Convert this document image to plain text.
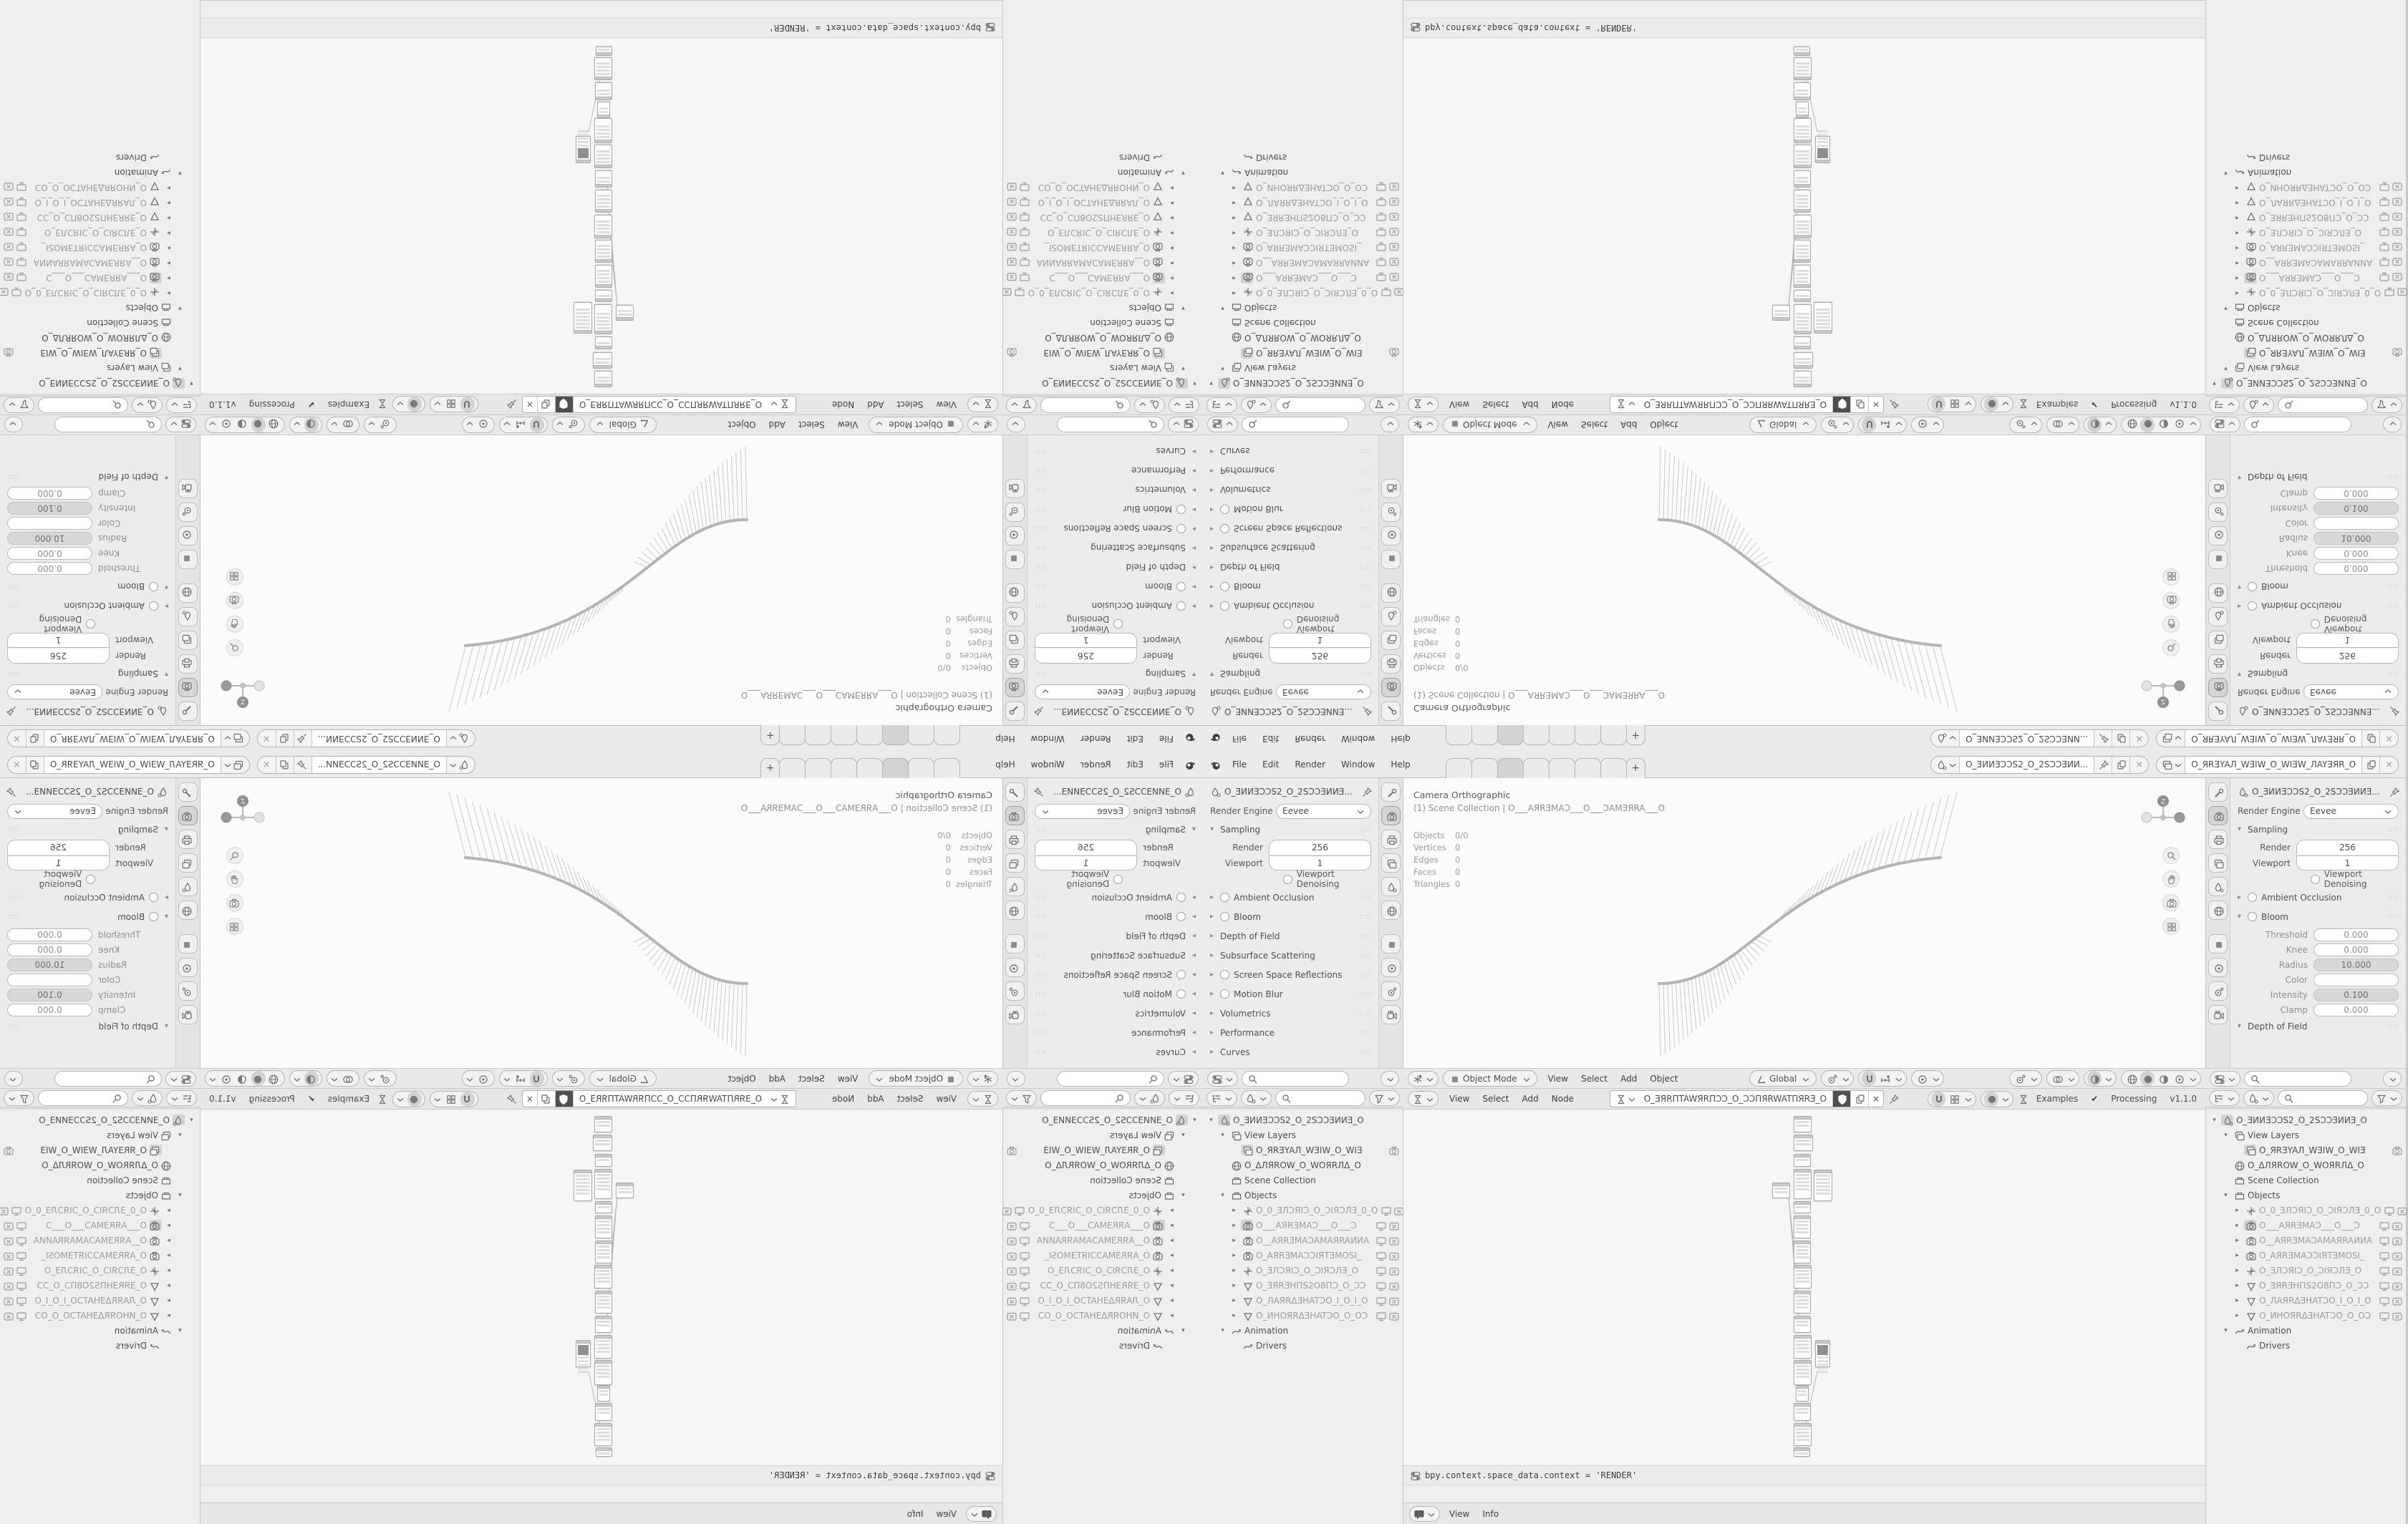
File
Edit
Render
Window
Help
+
O_ƎИИƎƆƆS2_O_2SƆƆƎИИ...
×
O_ЯRƎYAЛ_WƎIW_O_WIƎW_ЛAYƎЯR_O
×
O_ƎИИƎƆƆS2_O_2SƆƆƎИИƎ...
Render Engine
Eevee
▾
Sampling
::::
Render
256
Viewport
1
Viewport Denoising
▸
Ambient Occlusion
::::
▸
Bloom
::::
▸
Depth of Field
::::
▸
Subsurface Scattering
::::
▸
Screen Space Reflections
::::
▸
Motion Blur
::::
▸
Volumetrics
::::
▸
Performance
::::
▸
Curves
::::
Camera Orthographic
(1) Scene Collection | O___AЯRƎMAƆ___O___ƆAMƎЯRA___O
Objects
0/0
Vertices
0
Edges
0
Faces
0
Triangles
0
Z
O_ƎИИƎƆƆS2_O_2SƆƆƎИИƎ...
Render Engine
Eevee
▾
Sampling
::::
Render
256
Viewport
1
Viewport Denoising
▸
Ambient Occlusion
::::
▾
Bloom
::::
Threshold
0.000
Knee
0.000
Radius
10.000
Color
Intensity
0.100
Clamp
0.000
▾
Depth of Field
::::
Object Mode
View
Select
Add
Object
Global
View
Select
Add
Node
O_ƎЯRПTAWЯRПƆƆ_O_ƆƆПЯRWATПЯRƎ_O
×
Examples
✔
Processing
v1.1.0
▾
O_ƎИИƎƆƆS2_O_2SƆƆƎИИƎ_O
▾
View Layers
O_ЯRƎYAЛ_WƎIW_O_WIƎ
O_ΔЛЯROW_O_WOЯRЛΔ_O
Scene Collection
▾
Objects
▸
O_0_ƎЛƆЯIƆ_O_ƆIЯƆЛƎ_0_O
▸
O___AЯRƎMAƆ___O___Ɔ
▸
O__AЯRƎMAƆAMAЯRAИИA
▸
O_AЯRƎMAƆƆIЯTƎMOSI_
▸
O_ƎЛƆЯIƆ_O_ƆIЯƆЛƎ_O
▸
O_ƎЯRƎHПS2O8ПƆ_O_ƆƆ
▸
O_ЛAЯRΔƎHATƆO_I_O_I_O
▸
O_ИHOЯRΔƎHATƆO_O_OƆ
▾
Animation
Drivers
bpy.context.space_data.context = 'RENDER'
▾
O_ƎИИƎƆƆS2_O_2SƆƆƎИИƎ_O
▾
View Layers
O_ЯRƎYAЛ_WƎIW_O_WIƎ
O_ΔЛЯROW_O_WOЯRЛΔ_O
Scene Collection
▾
Objects
▸
O_0_ƎЛƆЯIƆ_O_ƆIЯƆЛƎ_0_O
▸
O___AЯRƎMAƆ___O___Ɔ
▸
O__AЯRƎMAƆAMAЯRAИИA
▸
O_AЯRƎMAƆƆIЯTƎMOSI_
▸
O_ƎЛƆЯIƆ_O_ƆIЯƆЛƎ_O
▸
O_ƎЯRƎHПS2O8ПƆ_O_ƆƆ
▸
O_ЛAЯRΔƎHATƆO_I_O_I_O
▸
O_ИHOЯRΔƎHATƆO_O_OƆ
▾
Animation
Drivers
File	Edit	Render	Window	Help	+	O_ƎИИƎƆƆS2_O_2SƆƆƎИИ...	×	O_ЯRƎYAЛ_WƎIW_O_WIƎW_ЛAYƎЯR_O	×
O_ƎИИƎƆƆS2_O_2SƆƆƎИИƎ...
Render Engine	Eevee
▾ Sampling	::::
Render	256
Viewport	1
Viewport Denoising
▸	Ambient Occlusion	::::
▸	Bloom	::::
▸ Depth of Field	::::
▸ Subsurface Scattering	::::
▸	Screen Space Reflections	::::
▸	Motion Blur	::::
▸ Volumetrics	::::
▸ Performance	::::
▸ Curves	::::
Camera Orthographic
(1) Scene Collection | O___AЯRƎMAƆ___O___ƆAMƎЯRA___O
Objects	0/0
Vertices	0
Edges	0
Faces	0
Triangles 0
Z
O_ƎИИƎƆƆS2_O_2SƆƆƎИИƎ...
Render Engine	Eevee
▾ Sampling	::::
Render	256
Viewport	1
Viewport Denoising
▸	Ambient Occlusion	::::
▾	Bloom	::::
Threshold	0.000
Knee	0.000
Radius	10.000
Color
Intensity	0.100
Clamp	0.000
▾ Depth of Field	::::
Object Mode	View	Select	Add	Object	Global
View	Select	Add	Node	O_ƎЯRПTAWЯRПƆƆ_O_ƆƆПЯRWATПЯRƎ_O	×	Examples	✔	Processing	v1.1.0
▾ O_ƎИИƎƆƆS2_O_2SƆƆƎИИƎ_O
▾ View Layers
O_ЯRƎYAЛ_WƎIW_O_WIƎ
O_ΔЛЯROW_O_WOЯRЛΔ_O
Scene Collection
▾ Objects
▸ O_0_ƎЛƆЯIƆ_O_ƆIЯƆЛƎ_0_O
▸ O___AЯRƎMAƆ___O___Ɔ
▸ O__AЯRƎMAƆAMAЯRAИИA
▸ O_AЯRƎMAƆƆIЯTƎMOSI_
▸ O_ƎЛƆЯIƆ_O_ƆIЯƆЛƎ_O
▸ O_ƎЯRƎHПS2O8ПƆ_O_ƆƆ
▸ O_ЛAЯRΔƎHATƆO_I_O_I_O
▸ O_ИHOЯRΔƎHATƆO_O_OƆ
▾ Animation
Drivers
bpy.context.space_data.context = 'RENDER'
▾ O_ƎИИƎƆƆS2_O_2SƆƆƎИИƎ_O
▾ View Layers
O_ЯRƎYAЛ_WƎIW_O_WIƎ
O_ΔЛЯROW_O_WOЯRЛΔ_O
Scene Collection
▾ Objects
▸ O_0_ƎЛƆЯIƆ_O_ƆIЯƆЛƎ_0_O
▸ O___AЯRƎMAƆ___O___Ɔ
▸ O__AЯRƎMAƆAMAЯRAИИA
▸ O_AЯRƎMAƆƆIЯTƎMOSI_
▸ O_ƎЛƆЯIƆ_O_ƆIЯƆЛƎ_O
▸ O_ƎЯRƎHПS2O8ПƆ_O_ƆƆ
▸ O_ЛAЯRΔƎHATƆO_I_O_I_O
▸ O_ИHOЯRΔƎHATƆO_O_OƆ
▾ Animation
Drivers
File
Edit
Render
Window
Help
+
O_ƎИИƎƆƆS2_O_2SƆƆƎИИ...
×
O_ЯRƎYAЛ_WƎIW_O_WIƎW_ЛAYƎЯR_O
×
O_ƎИИƎƆƆS2_O_2SƆƆƎИИƎ...
Render Engine
Eevee
▾
Sampling
::::
Render
256
Viewport
1
Viewport Denoising
▸
Ambient Occlusion
::::
▸
Bloom
::::
▸
Depth of Field
::::
▸
Subsurface Scattering
::::
▸
Screen Space Reflections
::::
▸
Motion Blur
::::
▸
Volumetrics
::::
▸
Performance
::::
▸
Curves
::::
Camera Orthographic
(1) Scene Collection | O___AЯRƎMAƆ___O___ƆAMƎЯRA___O
Objects
0/0
Vertices
0
Edges
0
Faces
0
Triangles
0
Z
O_ƎИИƎƆƆS2_O_2SƆƆƎИИƎ...
Render Engine
Eevee
▾
Sampling
::::
Render
256
Viewport
1
Viewport Denoising
▸
Ambient Occlusion
::::
▾
Bloom
::::
Threshold
0.000
Knee
0.000
Radius
10.000
Color
Intensity
0.100
Clamp
0.000
▾
Depth of Field
::::
Object Mode
View
Select
Add
Object
Global
View
Select
Add
Node
O_ƎЯRПTAWЯRПƆƆ_O_ƆƆПЯRWATПЯRƎ_O
×
Examples
✔
Processing
v1.1.0
▾
O_ƎИИƎƆƆS2_O_2SƆƆƎИИƎ_O
▾
View Layers
O_ЯRƎYAЛ_WƎIW_O_WIƎ
O_ΔЛЯROW_O_WOЯRЛΔ_O
Scene Collection
▾
Objects
▸
O_0_ƎЛƆЯIƆ_O_ƆIЯƆЛƎ_0_O
▸
O___AЯRƎMAƆ___O___Ɔ
▸
O__AЯRƎMAƆAMAЯRAИИA
▸
O_AЯRƎMAƆƆIЯTƎMOSI_
▸
O_ƎЛƆЯIƆ_O_ƆIЯƆЛƎ_O
▸
O_ƎЯRƎHПS2O8ПƆ_O_ƆƆ
▸
O_ЛAЯRΔƎHATƆO_I_O_I_O
▸
O_ИHOЯRΔƎHATƆO_O_OƆ
▾
Animation
Drivers
bpy.context.space_data.context = 'RENDER'
View
Info
▾
O_ƎИИƎƆƆS2_O_2SƆƆƎИИƎ_O
▾
View Layers
O_ЯRƎYAЛ_WƎIW_O_WIƎ
O_ΔЛЯROW_O_WOЯRЛΔ_O
Scene Collection
▾
Objects
▸
O_0_ƎЛƆЯIƆ_O_ƆIЯƆЛƎ_0_O
▸
O___AЯRƎMAƆ___O___Ɔ
▸
O__AЯRƎMAƆAMAЯRAИИA
▸
O_AЯRƎMAƆƆIЯTƎMOSI_
▸
O_ƎЛƆЯIƆ_O_ƆIЯƆЛƎ_O
▸
O_ƎЯRƎHПS2O8ПƆ_O_ƆƆ
▸
O_ЛAЯRΔƎHATƆO_I_O_I_O
▸
O_ИHOЯRΔƎHATƆO_O_OƆ
▾
Animation
Drivers
File	Edit	Render	Window	Help	+	O_ƎИИƎƆƆS2_O_2SƆƆƎИИ...	×	O_ЯRƎYAЛ_WƎIW_O_WIƎW_ЛAYƎЯR_O	×
O_ƎИИƎƆƆS2_O_2SƆƆƎИИƎ...
Render Engine	Eevee
▾ Sampling	::::
Render	256
Viewport	1
Viewport Denoising
▸	Ambient Occlusion	::::
▸	Bloom	::::
▸ Depth of Field	::::
▸ Subsurface Scattering	::::
▸	Screen Space Reflections	::::
▸	Motion Blur	::::
▸ Volumetrics	::::
▸ Performance	::::
▸ Curves	::::
Camera Orthographic
(1) Scene Collection | O___AЯRƎMAƆ___O___ƆAMƎЯRA___O
Objects	0/0
Vertices	0
Edges	0
Faces	0
Triangles 0
Z
O_ƎИИƎƆƆS2_O_2SƆƆƎИИƎ...
Render Engine	Eevee
▾ Sampling	::::
Render	256
Viewport	1
Viewport Denoising
▸	Ambient Occlusion	::::
▾	Bloom	::::
Threshold	0.000
Knee	0.000
Radius	10.000
Color
Intensity	0.100
Clamp	0.000
▾ Depth of Field	::::
Object Mode	View	Select	Add	Object	Global
View	Select	Add	Node	O_ƎЯRПTAWЯRПƆƆ_O_ƆƆПЯRWATПЯRƎ_O	×	Examples	✔	Processing	v1.1.0
▾ O_ƎИИƎƆƆS2_O_2SƆƆƎИИƎ_O
▾ View Layers
O_ЯRƎYAЛ_WƎIW_O_WIƎ
O_ΔЛЯROW_O_WOЯRЛΔ_O
Scene Collection
▾ Objects
▸ O_0_ƎЛƆЯIƆ_O_ƆIЯƆЛƎ_0_O
▸ O___AЯRƎMAƆ___O___Ɔ
▸ O__AЯRƎMAƆAMAЯRAИИA
▸ O_AЯRƎMAƆƆIЯTƎMOSI_
▸ O_ƎЛƆЯIƆ_O_ƆIЯƆЛƎ_O
▸ O_ƎЯRƎHПS2O8ПƆ_O_ƆƆ
▸ O_ЛAЯRΔƎHATƆO_I_O_I_O
▸ O_ИHOЯRΔƎHATƆO_O_OƆ
▾ Animation
Drivers
bpy.context.space_data.context = 'RENDER'
View	Info
▾ O_ƎИИƎƆƆS2_O_2SƆƆƎИИƎ_O
▾ View Layers
O_ЯRƎYAЛ_WƎIW_O_WIƎ
O_ΔЛЯROW_O_WOЯRЛΔ_O
Scene Collection
▾ Objects
▸ O_0_ƎЛƆЯIƆ_O_ƆIЯƆЛƎ_0_O
▸ O___AЯRƎMAƆ___O___Ɔ
▸ O__AЯRƎMAƆAMAЯRAИИA
▸ O_AЯRƎMAƆƆIЯTƎMOSI_
▸ O_ƎЛƆЯIƆ_O_ƆIЯƆЛƎ_O
▸ O_ƎЯRƎHПS2O8ПƆ_O_ƆƆ
▸ O_ЛAЯRΔƎHATƆO_I_O_I_O
▸ O_ИHOЯRΔƎHATƆO_O_OƆ
▾ Animation
Drivers
